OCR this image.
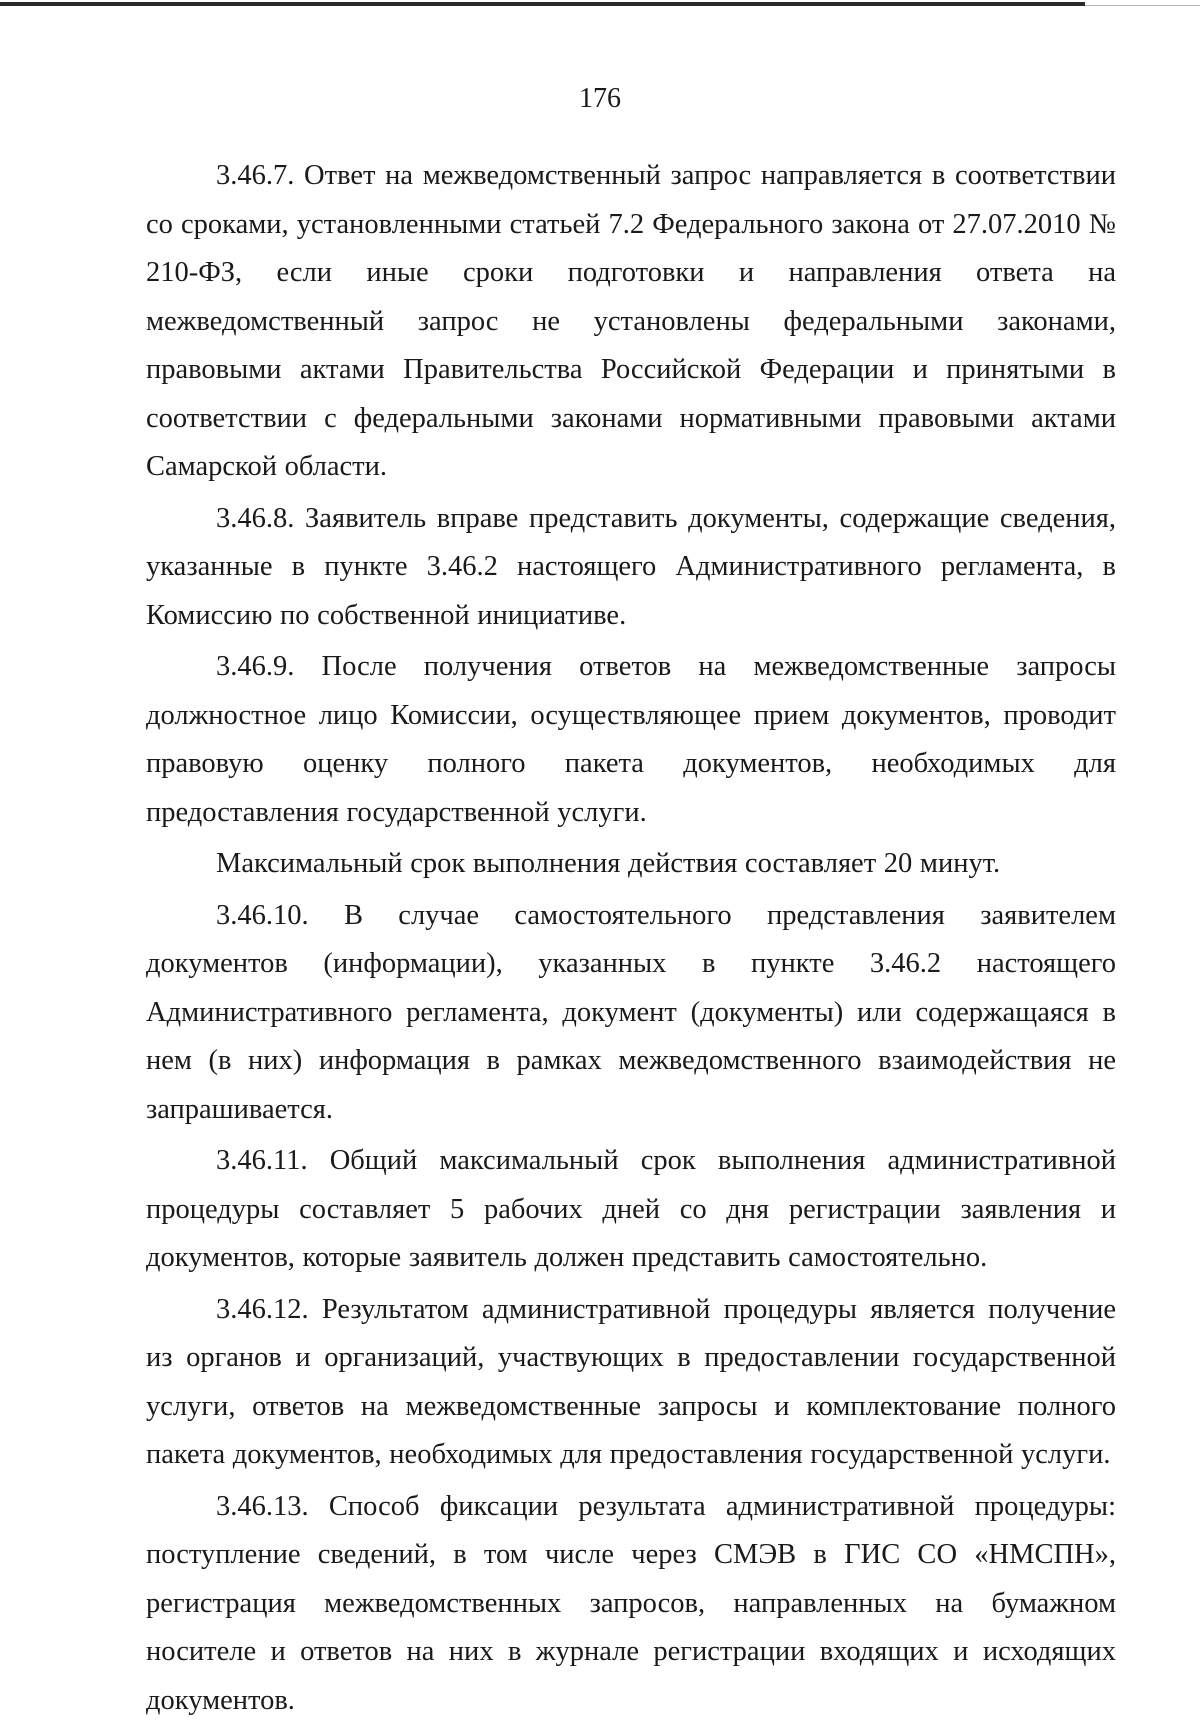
176

3.46.7. Ответ на межведомственный запрос направляется в соответствии со сроками, установленными статьей 7.2 Федерального закона от 27.07.2010 № 210-ФЗ, если иные сроки подготовки и направления ответа на межведомственный запрос не установлены федеральными законами, правовыми актами Правительства Российской Федерации и принятыми в соответствии с федеральными законами нормативными правовыми актами Самарской области.

3.46.8. Заявитель вправе представить документы, содержащие сведения, указанные в пункте 3.46.2 настоящего Административного регламента, в Комиссию по собственной инициативе.

3.46.9. После получения ответов на межведомственные запросы должностное лицо Комиссии, осуществляющее прием документов, проводит правовую оценку полного пакета документов, необходимых для предоставления государственной услуги.

Максимальный срок выполнения действия составляет 20 минут.

3.46.10. В случае самостоятельного представления заявителем документов (информации), указанных в пункте 3.46.2 настоящего Административного регламента, документ (документы) или содержащаяся в нем (в них) информация в рамках межведомственного взаимодействия не запрашивается.

3.46.11. Общий максимальный срок выполнения административной процедуры составляет 5 рабочих дней со дня регистрации заявления и документов, которые заявитель должен представить самостоятельно.

3.46.12. Результатом административной процедуры является получение из органов и организаций, участвующих в предоставлении государственной услуги, ответов на межведомственные запросы и комплектование полного пакета документов, необходимых для предоставления государственной услуги.

3.46.13. Способ фиксации результата административной процедуры: поступление сведений, в том числе через СМЭВ в ГИС СО «НМСПН», регистрация межведомственных запросов, направленных на бумажном носителе и ответов на них в журнале регистрации входящих и исходящих документов.
